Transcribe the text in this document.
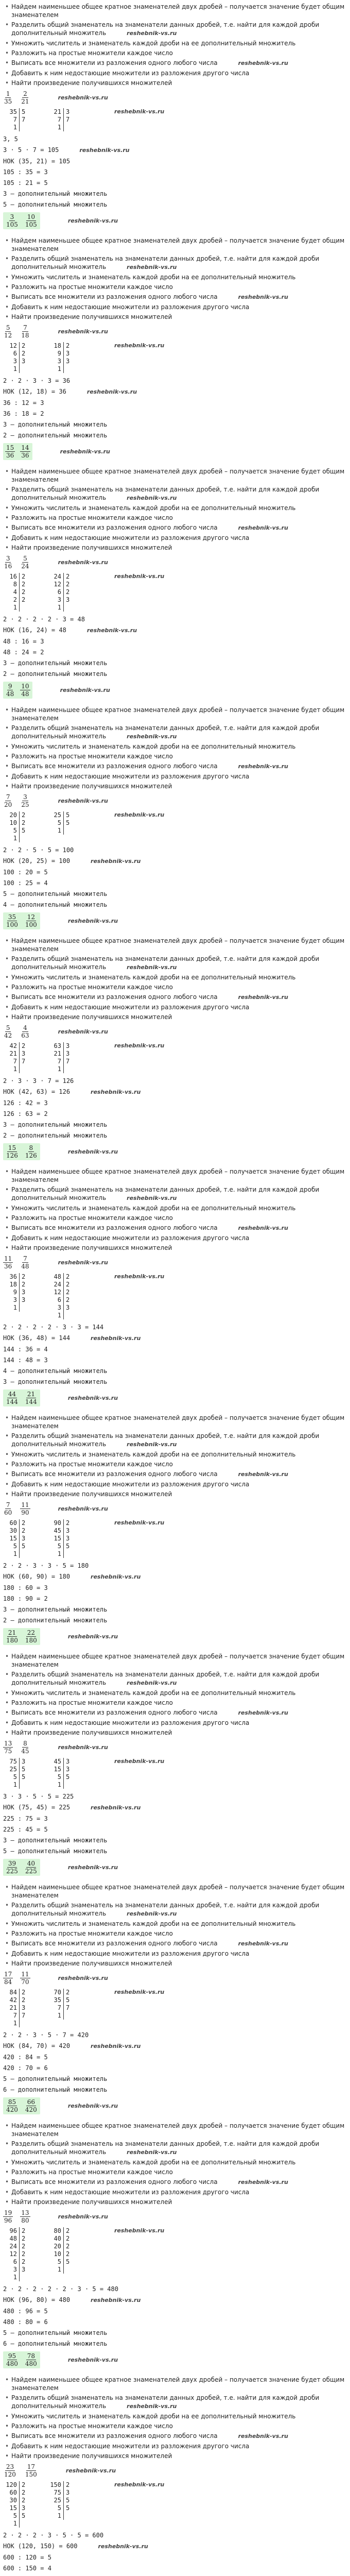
• Найдем наименьшее общее кратное знаменателей двух дробей – получается значение будет общим знаменателем
• Разделить общий знаменатель на знаменатели данных дробей, т.е. найти для каждой дроби дополнительный множитель	reshebnik-vs.ru
• Умножить числитель и знаменатель каждой дроби на ее дополнительный множитель
• Разложить на простые множители каждое число
• Выписать все множители из разложения одного любого числа	reshebnik-vs.ru
• Добавить к ним недостающие множители из разложения другого числа
• Найти произведение получившихся множителей
$\frac{1}{35} \frac{2}{21}$	reshebnik-vs.ru
35 5
7 7
1
21 3
7 7
1
reshebnik-vs.ru
3, 5
3 · 5 · 7 = 105	reshebnik-vs.ru
НОК (35, 21) = 105
105 : 35 = 3
105 : 21 = 5
3 – дополнительный множитель
5 – дополнительный множитель
$\frac{3}{105} \frac{10}{105}$	reshebnik-vs.ru
• Найдем наименьшее общее кратное знаменателей двух дробей – получается значение будет общим знаменателем
• Разделить общий знаменатель на знаменатели данных дробей, т.е. найти для каждой дроби дополнительный множитель	reshebnik-vs.ru
• Умножить числитель и знаменатель каждой дроби на ее дополнительный множитель
• Разложить на простые множители каждое число
• Выписать все множители из разложения одного любого числа	reshebnik-vs.ru
• Добавить к ним недостающие множители из разложения другого числа
• Найти произведение получившихся множителей
$\frac{5}{12} \frac{7}{18}$	reshebnik-vs.ru
12 2
6 2
3 3
1
18 2
9 3
3 3
1
reshebnik-vs.ru
2 · 2 · 3 · 3 = 36
НОК (12, 18) = 36	reshebnik-vs.ru
36 : 12 = 3
36 : 18 = 2
3 – дополнительный множитель
2 – дополнительный множитель
$\frac{15}{36} \frac{14}{36}$	reshebnik-vs.ru
• Найдем наименьшее общее кратное знаменателей двух дробей – получается значение будет общим знаменателем
• Разделить общий знаменатель на знаменатели данных дробей, т.е. найти для каждой дроби дополнительный множитель	reshebnik-vs.ru
• Умножить числитель и знаменатель каждой дроби на ее дополнительный множитель
• Разложить на простые множители каждое число
• Выписать все множители из разложения одного любого числа	reshebnik-vs.ru
• Добавить к ним недостающие множители из разложения другого числа
• Найти произведение получившихся множителей
$\frac{3}{16} \frac{5}{24}$	reshebnik-vs.ru
16 2
8 2
4 2
2 2
1
24 2
12 2
6 2
3 3
1
reshebnik-vs.ru
2 · 2 · 2 · 2 · 3 = 48
НОК (16, 24) = 48	reshebnik-vs.ru
48 : 16 = 3
48 : 24 = 2
3 – дополнительный множитель
2 – дополнительный множитель
$\frac{9}{48} \frac{10}{48}$	reshebnik-vs.ru
• Найдем наименьшее общее кратное знаменателей двух дробей – получается значение будет общим знаменателем
• Разделить общий знаменатель на знаменатели данных дробей, т.е. найти для каждой дроби дополнительный множитель	reshebnik-vs.ru
• Умножить числитель и знаменатель каждой дроби на ее дополнительный множитель
• Разложить на простые множители каждое число
• Выписать все множители из разложения одного любого числа	reshebnik-vs.ru
• Добавить к ним недостающие множители из разложения другого числа
• Найти произведение получившихся множителей
$\frac{7}{20} \frac{3}{25}$	reshebnik-vs.ru
20 2
10 2
5 5
1
25 5
5 5
1
reshebnik-vs.ru
2 · 2 · 5 · 5 = 100
НОК (20, 25) = 100	reshebnik-vs.ru
100 : 20 = 5
100 : 25 = 4
5 – дополнительный множитель
4 – дополнительный множитель
$\frac{35}{100} \frac{12}{100}$	reshebnik-vs.ru
• Найдем наименьшее общее кратное знаменателей двух дробей – получается значение будет общим знаменателем
• Разделить общий знаменатель на знаменатели данных дробей, т.е. найти для каждой дроби дополнительный множитель	reshebnik-vs.ru
• Умножить числитель и знаменатель каждой дроби на ее дополнительный множитель
• Разложить на простые множители каждое число
• Выписать все множители из разложения одного любого числа	reshebnik-vs.ru
• Добавить к ним недостающие множители из разложения другого числа
• Найти произведение получившихся множителей
$\frac{5}{42} \frac{4}{63}$	reshebnik-vs.ru
42 2
21 3
7 7
1
63 3
21 3
7 7
1
reshebnik-vs.ru
2 · 3 · 3 · 7 = 126
НОК (42, 63) = 126	reshebnik-vs.ru
126 : 42 = 3
126 : 63 = 2
3 – дополнительный множитель
2 – дополнительный множитель
$\frac{15}{126} \frac{8}{126}$	reshebnik-vs.ru
• Найдем наименьшее общее кратное знаменателей двух дробей – получается значение будет общим знаменателем
• Разделить общий знаменатель на знаменатели данных дробей, т.е. найти для каждой дроби дополнительный множитель	reshebnik-vs.ru
• Умножить числитель и знаменатель каждой дроби на ее дополнительный множитель
• Разложить на простые множители каждое число
• Выписать все множители из разложения одного любого числа	reshebnik-vs.ru
• Добавить к ним недостающие множители из разложения другого числа
• Найти произведение получившихся множителей
$\frac{11}{36} \frac{7}{48}$	reshebnik-vs.ru
36 2
18 2
9 3
3 3
1
48 2
24 2
12 2
6 2
3 3
1
reshebnik-vs.ru
2 · 2 · 2 · 2 · 3 · 3 = 144
НОК (36, 48) = 144	reshebnik-vs.ru
144 : 36 = 4
144 : 48 = 3
4 – дополнительный множитель
3 – дополнительный множитель
$\frac{44}{144} \frac{21}{144}$	reshebnik-vs.ru
• Найдем наименьшее общее кратное знаменателей двух дробей – получается значение будет общим знаменателем
• Разделить общий знаменатель на знаменатели данных дробей, т.е. найти для каждой дроби дополнительный множитель	reshebnik-vs.ru
• Умножить числитель и знаменатель каждой дроби на ее дополнительный множитель
• Разложить на простые множители каждое число
• Выписать все множители из разложения одного любого числа	reshebnik-vs.ru
• Добавить к ним недостающие множители из разложения другого числа
• Найти произведение получившихся множителей
$\frac{7}{60} \frac{11}{90}$	reshebnik-vs.ru
60 2
30 2
15 3
5 5
1
90 2
45 3
15 3
5 5
1
reshebnik-vs.ru
2 · 2 · 3 · 3 · 5 = 180
НОК (60, 90) = 180	reshebnik-vs.ru
180 : 60 = 3
180 : 90 = 2
3 – дополнительный множитель
2 – дополнительный множитель
$\frac{21}{180} \frac{22}{180}$	reshebnik-vs.ru
• Найдем наименьшее общее кратное знаменателей двух дробей – получается значение будет общим знаменателем
• Разделить общий знаменатель на знаменатели данных дробей, т.е. найти для каждой дроби дополнительный множитель	reshebnik-vs.ru
• Умножить числитель и знаменатель каждой дроби на ее дополнительный множитель
• Разложить на простые множители каждое число
• Выписать все множители из разложения одного любого числа	reshebnik-vs.ru
• Добавить к ним недостающие множители из разложения другого числа
• Найти произведение получившихся множителей
$\frac{13}{75} \frac{8}{45}$	reshebnik-vs.ru
75 3
25 5
5 5
1
45 3
15 3
5 5
1
reshebnik-vs.ru
3 · 3 · 5 · 5 = 225
НОК (75, 45) = 225	reshebnik-vs.ru
225 : 75 = 3
225 : 45 = 5
3 – дополнительный множитель
5 – дополнительный множитель
$\frac{39}{225} \frac{40}{225}$	reshebnik-vs.ru
• Найдем наименьшее общее кратное знаменателей двух дробей – получается значение будет общим знаменателем
• Разделить общий знаменатель на знаменатели данных дробей, т.е. найти для каждой дроби дополнительный множитель	reshebnik-vs.ru
• Умножить числитель и знаменатель каждой дроби на ее дополнительный множитель
• Разложить на простые множители каждое число
• Выписать все множители из разложения одного любого числа	reshebnik-vs.ru
• Добавить к ним недостающие множители из разложения другого числа
• Найти произведение получившихся множителей
$\frac{17}{84} \frac{11}{70}$	reshebnik-vs.ru
84 2
42 2
21 3
7 7
1
70 2
35 5
7 7
1
reshebnik-vs.ru
2 · 2 · 3 · 5 · 7 = 420
НОК (84, 70) = 420	reshebnik-vs.ru
420 : 84 = 5
420 : 70 = 6
5 – дополнительный множитель
6 – дополнительный множитель
$\frac{85}{420} \frac{66}{420}$	reshebnik-vs.ru
• Найдем наименьшее общее кратное знаменателей двух дробей – получается значение будет общим знаменателем
• Разделить общий знаменатель на знаменатели данных дробей, т.е. найти для каждой дроби дополнительный множитель	reshebnik-vs.ru
• Умножить числитель и знаменатель каждой дроби на ее дополнительный множитель
• Разложить на простые множители каждое число
• Выписать все множители из разложения одного любого числа	reshebnik-vs.ru
• Добавить к ним недостающие множители из разложения другого числа
• Найти произведение получившихся множителей
$\frac{19}{96} \frac{13}{80}$	reshebnik-vs.ru
96 2
48 2
24 2
12 2
6 2
3 3
1
80 2
40 2
20 2
10 2
5 5
1
reshebnik-vs.ru
2 · 2 · 2 · 2 · 2 · 3 · 5 = 480
НОК (96, 80) = 480	reshebnik-vs.ru
480 : 96 = 5
480 : 80 = 6
5 – дополнительный множитель
6 – дополнительный множитель
$\frac{95}{480} \frac{78}{480}$	reshebnik-vs.ru
• Найдем наименьшее общее кратное знаменателей двух дробей – получается значение будет общим знаменателем
• Разделить общий знаменатель на знаменатели данных дробей, т.е. найти для каждой дроби дополнительный множитель	reshebnik-vs.ru
• Умножить числитель и знаменатель каждой дроби на ее дополнительный множитель
• Разложить на простые множители каждое число
• Выписать все множители из разложения одного любого числа	reshebnik-vs.ru
• Добавить к ним недостающие множители из разложения другого числа
• Найти произведение получившихся множителей
$\frac{23}{120} \frac{17}{150}$	reshebnik-vs.ru
120 2
60 2
30 2
15 3
5 5
1
150 2
75 3
25 5
5 5
1
reshebnik-vs.ru
2 · 2 · 2 · 3 · 5 · 5 = 600
НОК (120, 150) = 600	reshebnik-vs.ru
600 : 120 = 5
600 : 150 = 4
